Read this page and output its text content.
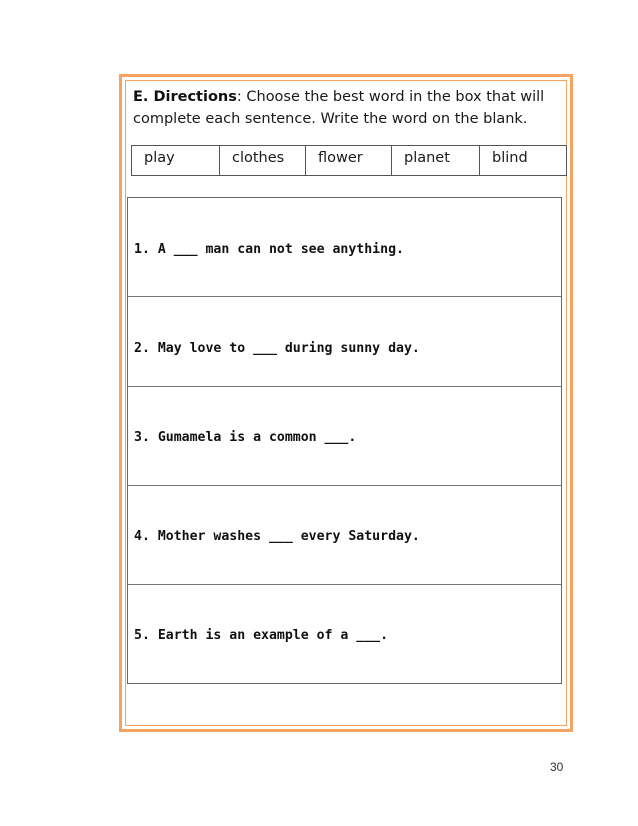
E. Directions: Choose the best word in the box that will complete each sentence. Write the word on the blank.
play	clothes	flower	planet	blind
1. A ___ man can not see anything.
2. May love to ___ during sunny day.
3. Gumamela is a common ___.
4. Mother washes ___ every Saturday.
5. Earth is an example of a ___.
30
